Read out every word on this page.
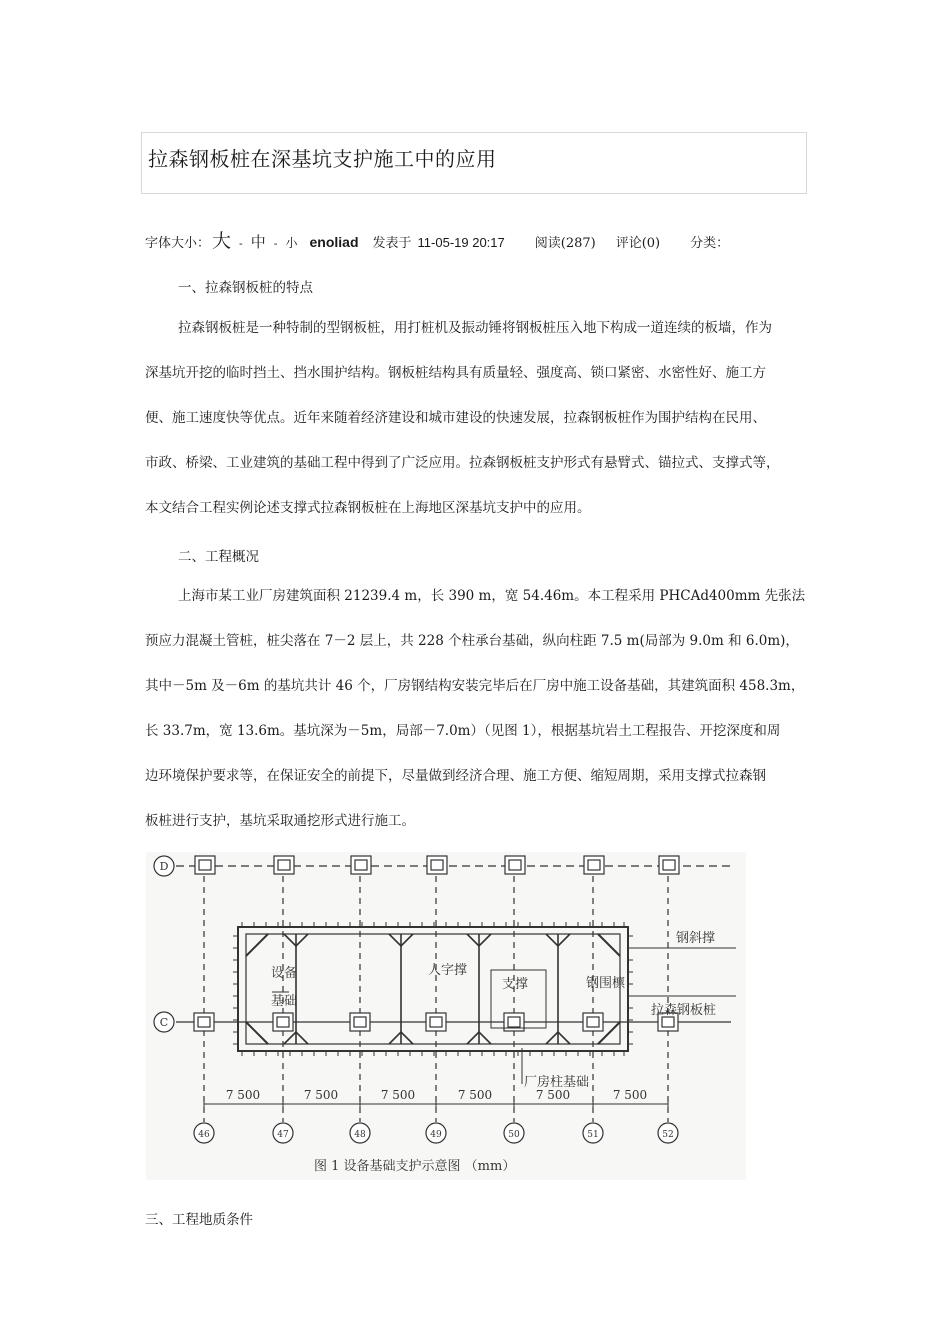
拉森钢板桩在深基坑支护施工中的应用
字体大小： 大 - 中 - 小 enoliad 发表于 11-05-19 20:17 阅读(287) 评论(0) 分类：
一、拉森钢板桩的特点
拉森钢板桩是一种特制的型钢板桩，用打桩机及振动锤将钢板桩压入地下构成一道连续的板墙，作为
深基坑开挖的临时挡土、挡水围护结构。钢板桩结构具有质量轻、强度高、锁口紧密、水密性好、施工方
便、施工速度快等优点。近年来随着经济建设和城市建设的快速发展，拉森钢板桩作为围护结构在民用、
市政、桥梁、工业建筑的基础工程中得到了广泛应用。拉森钢板桩支护形式有悬臂式、锚拉式、支撑式等，
本文结合工程实例论述支撑式拉森钢板桩在上海地区深基坑支护中的应用。
二、工程概况
上海市某工业厂房建筑面积 21239.4 m，长 390 m，宽 54.46m。本工程采用 PHCAd400mm 先张法
预应力混凝土管桩，桩尖落在 7－2 层上，共 228 个柱承台基础，纵向柱距 7.5 m(局部为 9.0m 和 6.0m)，
其中－5m 及－6m 的基坑共计 46 个，厂房钢结构安装完毕后在厂房中施工设备基础，其建筑面积 458.3m，
长 33.7m，宽 13.6m。基坑深为－5m，局部－7.0m）（见图 1），根据基坑岩土工程报告、开挖深度和周
边环境保护要求等，在保证安全的前提下，尽量做到经济合理、施工方便、缩短周期，采用支撑式拉森钢
板桩进行支护，基坑采取通挖形式进行施工。
D
C
46	47	48	49	50	51	52
7 500	7 500	7 500	7 500	7 500	7 500
钢斜撑
设备
基础
人字撑
支撑	钢围檩
拉森钢板桩
厂房柱基础
图 1 设备基础支护示意图 （mm）
三、工程地质条件
